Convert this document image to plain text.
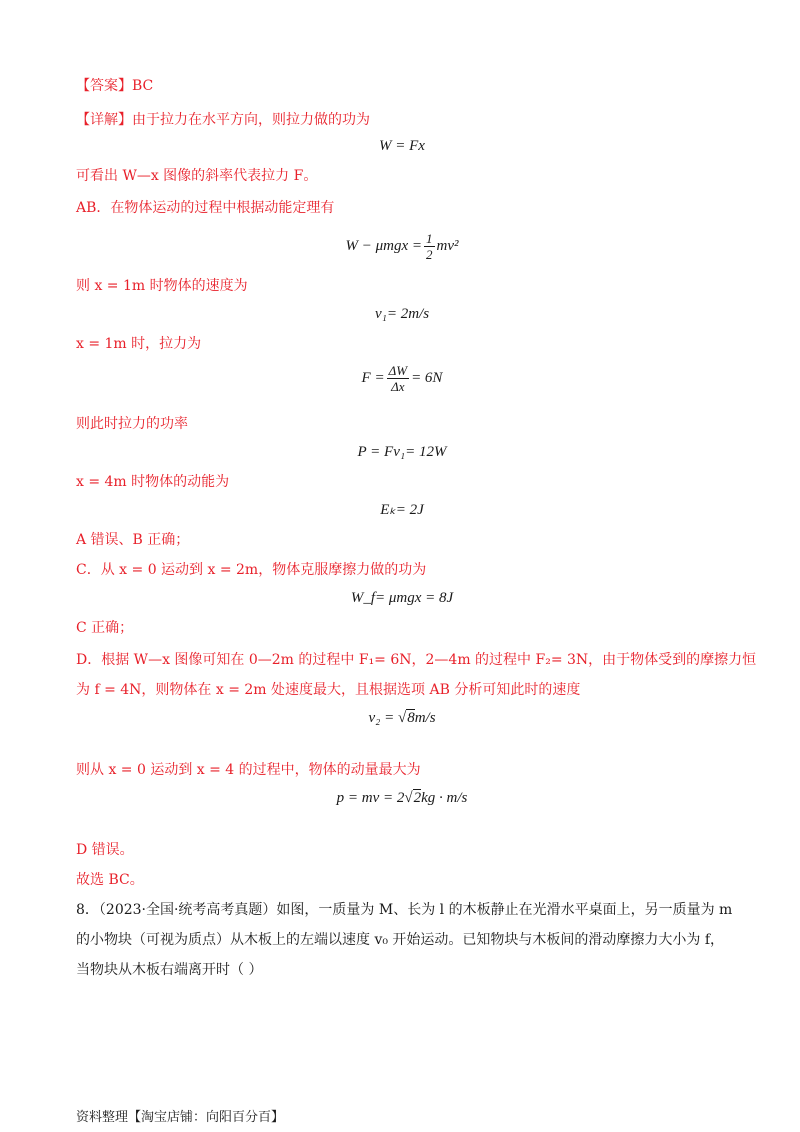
【答案】BC
【详解】由于拉力在水平方向，则拉力做的功为
W = Fx
可看出 W—x 图像的斜率代表拉力 F。
AB．在物体运动的过程中根据动能定理有
$W - \mu mgx = \frac{1}{2} mv^2$
则 x = 1m 时物体的速度为
v₁= 2m/s
x = 1m 时，拉力为
$F = \frac{\Delta W}{\Delta x} = 6N$
则此时拉力的功率
P = Fv₁= 12W
x = 4m 时物体的动能为
Eₖ= 2J
A 错误、B 正确；
C．从 x = 0 运动到 x = 2m，物体克服摩擦力做的功为
W_f= μmgx = 8J
C 正确；
D．根据 W—x 图像可知在 0—2m 的过程中 F₁= 6N，2—4m 的过程中 F₂= 3N，由于物体受到的摩擦力恒
为 f = 4N，则物体在 x = 2m 处速度最大，且根据选项 AB 分析可知此时的速度
v₂ = √8m/s
则从 x = 0 运动到 x = 4 的过程中，物体的动量最大为
p = mv = 2√2kg · m/s
D 错误。
故选 BC。
8．（2023·全国·统考高考真题）如图，一质量为 M、长为 l 的木板静止在光滑水平桌面上，另一质量为 m
的小物块（可视为质点）从木板上的左端以速度 v₀ 开始运动。已知物块与木板间的滑动摩擦力大小为 f，
当物块从木板右端离开时（ ）
资料整理【淘宝店铺：向阳百分百】
